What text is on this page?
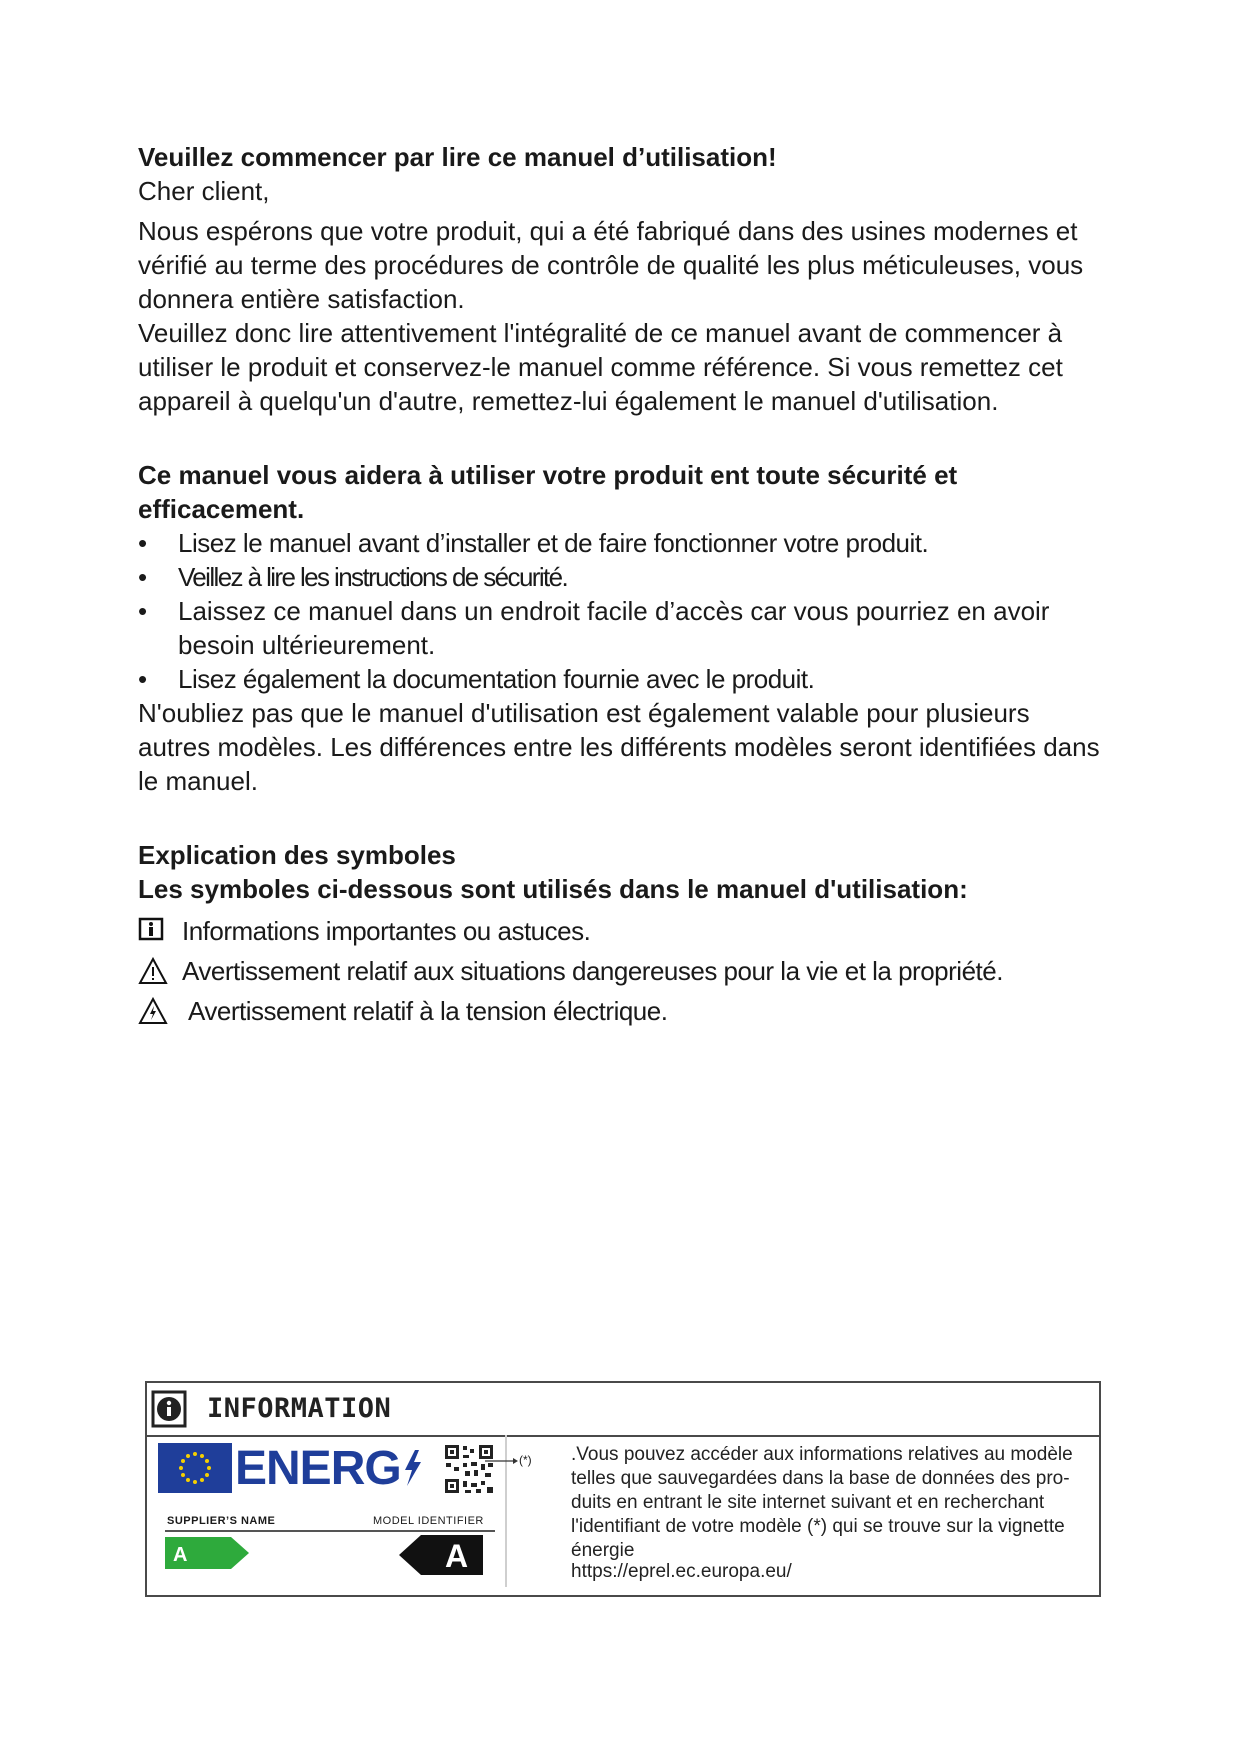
Veuillez commencer par lire ce manuel d’utilisation!

Cher client,

Nous espérons que votre produit, qui a été fabriqué dans des usines modernes et vérifié au terme des procédures de contrôle de qualité les plus méticuleuses, vous donnera entière satisfaction.

Veuillez donc lire attentivement l'intégralité de ce manuel avant de commencer à utiliser le produit et conservez-le manuel comme référence. Si vous remettez cet appareil à quelqu'un d'autre, remettez-lui également le manuel d'utilisation.

Ce manuel vous aidera à utiliser votre produit ent toute sécurité et efficacement.

•	Lisez le manuel avant d’installer et de faire fonctionner votre produit.
•	Veillez à lire les instructions de sécurité.
•	Laissez ce manuel dans un endroit facile d’accès car vous pourriez en avoir besoin ultérieurement.
•	Lisez également la documentation fournie avec le produit.

N'oubliez pas que le manuel d'utilisation est également valable pour plusieurs autres modèles. Les différences entre les différents modèles seront identifiées dans le manuel.

Explication des symboles

Les symboles ci-dessous sont utilisés dans le manuel d'utilisation:

Informations importantes ou astuces.
Avertissement relatif aux situations dangereuses pour la vie et la propriété.
Avertissement relatif à la tension électrique.
INFORMATION
ENERG
SUPPLIER’S NAME	MODEL IDENTIFIER
A	A
(*) .Vous pouvez accéder aux informations relatives au modèle telles que sauvegardées dans la base de données des pro-duits en entrant le site internet suivant et en recherchant l'identifiant de votre modèle (*) qui se trouve sur la vignette énergie
https://eprel.ec.europa.eu/
